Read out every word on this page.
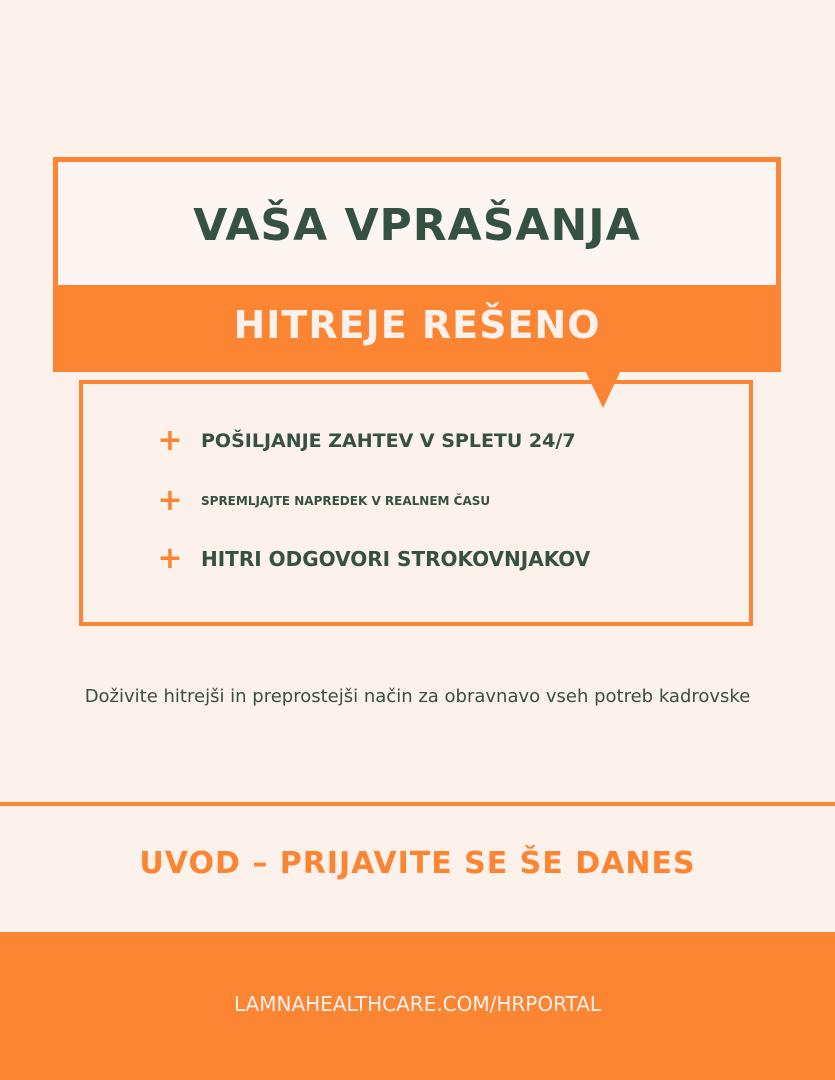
VAŠA VPRAŠANJA
HITREJE REŠENO
+ POŠILJANJE ZAHTEV V SPLETU 24/7
+	SPREMLJAJTE NAPREDEK V REALNEM ČASU
+ HITRI ODGOVORI STROKOVNJAKOV
Doživite hitrejši in preprostejši način za obravnavo vseh potreb kadrovske
UVOD – PRIJAVITE SE ŠE DANES
LAMNAHEALTHCARE.COM/HRPORTAL
